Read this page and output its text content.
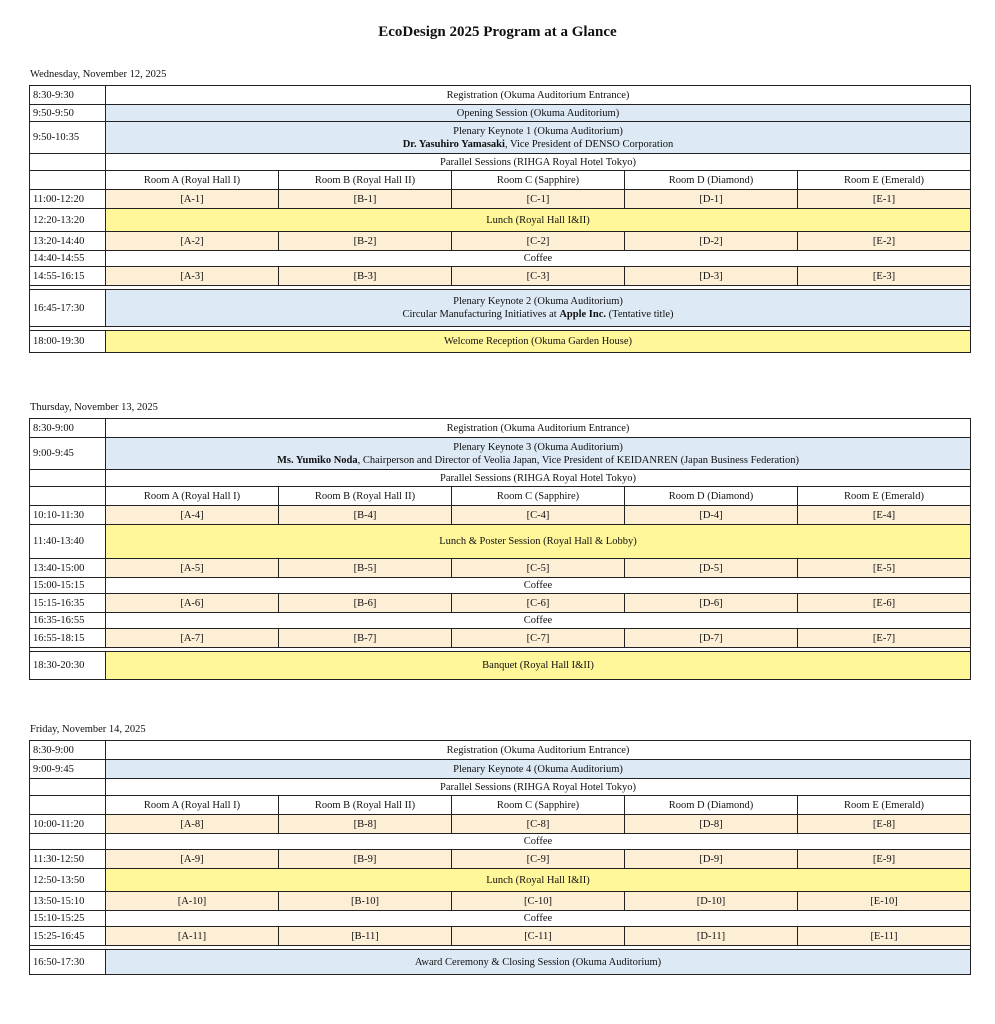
EcoDesign 2025 Program at a Glance
Wednesday, November 12, 2025
8:30-9:30	Registration (Okuma Auditorium Entrance)				
9:50-9:50	Opening Session (Okuma Auditorium)				
9:50-10:35	Plenary Keynote 1 (Okuma Auditorium)
Dr. Yasuhiro Yamasaki, Vice President of DENSO Corporation				

	Parallel Sessions (RIHGA Royal Hotel Tokyo)				
	Room A (Royal Hall I)	Room B (Royal Hall II)	Room C (Sapphire)	Room D (Diamond)	Room E (Emerald)
11:00-12:20	[A-1]	[B-1]	[C-1]	[D-1]	[E-1]
12:20-13:20	Lunch (Royal Hall I&II)				
13:20-14:40	[A-2]	[B-2]	[C-2]	[D-2]	[E-2]
14:40-14:55	Coffee				
14:55-16:15	[A-3]	[B-3]	[C-3]	[D-3]	[E-3]

16:45-17:30	Plenary Keynote 2 (Okuma Auditorium)
Circular Manufacturing Initiatives at Apple Inc. (Tentative title)				

18:00-19:30	Welcome Reception (Okuma Garden House)				
Thursday, November 13, 2025
8:30-9:00	Registration (Okuma Auditorium Entrance)				
9:00-9:45	Plenary Keynote 3 (Okuma Auditorium)
Ms. Yumiko Noda, Chairperson and Director of Veolia Japan, Vice President of KEIDANREN (Japan Business Federation)				

	Parallel Sessions (RIHGA Royal Hotel Tokyo)				
	Room A (Royal Hall I)	Room B (Royal Hall II)	Room C (Sapphire)	Room D (Diamond)	Room E (Emerald)
10:10-11:30	[A-4]	[B-4]	[C-4]	[D-4]	[E-4]
11:40-13:40	Lunch & Poster Session (Royal Hall & Lobby)				
13:40-15:00	[A-5]	[B-5]	[C-5]	[D-5]	[E-5]
15:00-15:15	Coffee				
15:15-16:35	[A-6]	[B-6]	[C-6]	[D-6]	[E-6]
16:35-16:55	Coffee				
16:55-18:15	[A-7]	[B-7]	[C-7]	[D-7]	[E-7]

18:30-20:30	Banquet (Royal Hall I&II)				
Friday, November 14, 2025
8:30-9:00	Registration (Okuma Auditorium Entrance)				
9:00-9:45	Plenary Keynote 4 (Okuma Auditorium)				
	Parallel Sessions (RIHGA Royal Hotel Tokyo)				
	Room A (Royal Hall I)	Room B (Royal Hall II)	Room C (Sapphire)	Room D (Diamond)	Room E (Emerald)
10:00-11:20	[A-8]	[B-8]	[C-8]	[D-8]	[E-8]
	Coffee				
11:30-12:50	[A-9]	[B-9]	[C-9]	[D-9]	[E-9]
12:50-13:50	Lunch (Royal Hall I&II)				
13:50-15:10	[A-10]	[B-10]	[C-10]	[D-10]	[E-10]
15:10-15:25	Coffee				
15:25-16:45	[A-11]	[B-11]	[C-11]	[D-11]	[E-11]

16:50-17:30	Award Ceremony & Closing Session (Okuma Auditorium)				
